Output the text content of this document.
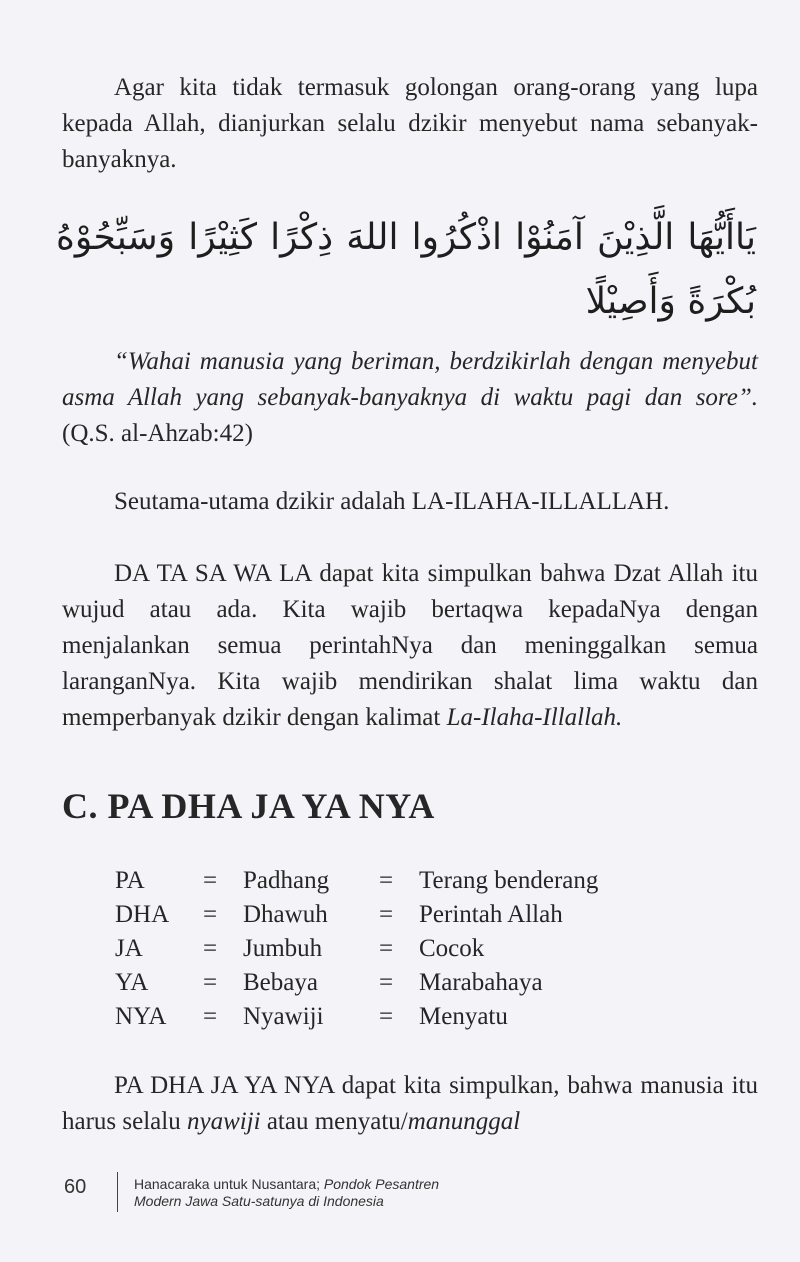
Agar kita tidak termasuk golongan orang-orang yang lupa kepada Allah, dianjurkan selalu dzikir menyebut nama sebanyak-banyaknya.

يَاأَيُّهَا الَّذِيْنَ آمَنُوْا اذْكُرُوا اللهَ ذِكْرًا كَثِيْرًا وَسَبِّحُوْهُ بُكْرَةً وَأَصِيْلًا

“Wahai manusia yang beriman, berdzikirlah dengan menyebut asma Allah yang sebanyak-banyaknya di waktu pagi dan sore”. (Q.S. al-Ahzab:42)

Seutama-utama dzikir adalah LA-ILAHA-ILLALLAH.

DA TA SA WA LA dapat kita simpulkan bahwa Dzat Allah itu wujud atau ada. Kita wajib bertaqwa kepadaNya dengan menjalankan semua perintahNya dan meninggalkan semua laranganNya. Kita wajib mendirikan shalat lima waktu dan memperbanyak dzikir dengan kalimat La-Ilaha-Illallah.

C. PA DHA JA YA NYA
PA	=	Padhang	=	Terang benderang
DHA	=	Dhawuh	=	Perintah Allah
JA	=	Jumbuh	=	Cocok
YA	=	Bebaya	=	Marabahaya
NYA	=	Nyawiji	=	Menyatu

PA DHA JA YA NYA dapat kita simpulkan, bahwa manusia itu harus selalu nyawiji atau menyatu/manunggal

60	Hanacaraka untuk Nusantara; Pondok Pesantren
Modern Jawa Satu-satunya di Indonesia
